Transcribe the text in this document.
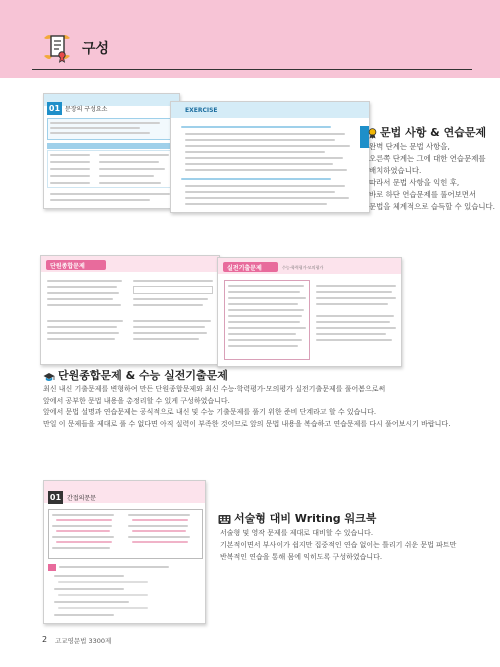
구성
01 문장의 구성요소	EXERCISE
문법 사항 & 연습문제
완벽 단계는 문법 사항을,
오른쪽 단계는 그에 대한 연습문제를
배치하였습니다.
따라서 문법 사항을 익힌 후,
바로 하단 연습문제를 풀어보면서
문법을 체계적으로 습득할 수 있습니다.
단원종합문제	실전기출문제	수능·학력평가·모의평가
단원종합문제 & 수능 실전기출문제
최신 내신 기출문제를 변형하여 만든 단원종합문제와 최신 수능·학력평가·모의평가 실전기출문제를 풀어봄으로써
앞에서 공부한 문법 내용을 총정리할 수 있게 구성하였습니다.
앞에서 문법 설명과 연습문제는 공식적으로 내신 및 수능 기출문제를 풀기 위한 준비 단계라고 할 수 있습니다.
만일 이 문제들을 제대로 풀 수 없다면 아직 실력이 부족한 것이므로 앞의 문법 내용을 복습하고 연습문제를 다시 풀어보시기 바랍니다.
01 간접의문문
서술형 대비 Writing 워크북
서술형 및 영작 문제를 제대로 대비할 수 있습니다.
기본적이면서 부사이가 쉽지만 집중적인 연습 없이는 틀리기 쉬운 문법 파트만
반복적인 연습을 통해 몸에 익히도록 구성하였습니다.
2 고교영문법 3300제
